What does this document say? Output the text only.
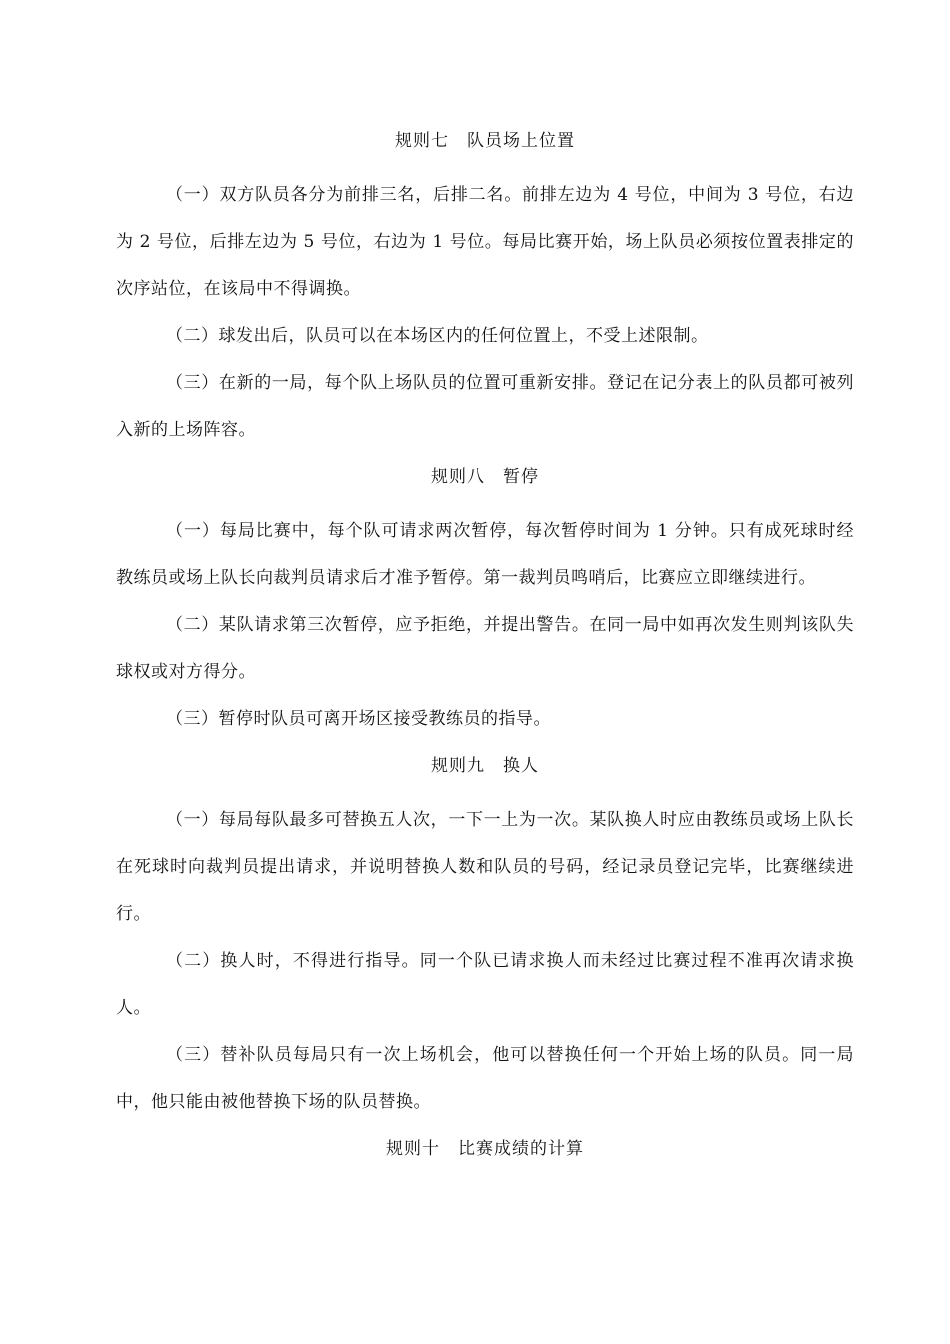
规则七　队员场上位置

（一）双方队员各分为前排三名，后排二名。前排左边为 4 号位，中间为 3 号位，右边为 2 号位，后排左边为 5 号位，右边为 1 号位。每局比赛开始，场上队员必须按位置表排定的次序站位，在该局中不得调换。

（二）球发出后，队员可以在本场区内的任何位置上，不受上述限制。

（三）在新的一局，每个队上场队员的位置可重新安排。登记在记分表上的队员都可被列入新的上场阵容。

规则八　暂停

（一）每局比赛中，每个队可请求两次暂停，每次暂停时间为 1 分钟。只有成死球时经教练员或场上队长向裁判员请求后才准予暂停。第一裁判员鸣哨后，比赛应立即继续进行。

（二）某队请求第三次暂停，应予拒绝，并提出警告。在同一局中如再次发生则判该队失球权或对方得分。

（三）暂停时队员可离开场区接受教练员的指导。

规则九　换人

（一）每局每队最多可替换五人次，一下一上为一次。某队换人时应由教练员或场上队长在死球时向裁判员提出请求，并说明替换人数和队员的号码，经记录员登记完毕，比赛继续进行。

（二）换人时，不得进行指导。同一个队已请求换人而未经过比赛过程不准再次请求换人。

（三）替补队员每局只有一次上场机会，他可以替换任何一个开始上场的队员。同一局中，他只能由被他替换下场的队员替换。

规则十　比赛成绩的计算
